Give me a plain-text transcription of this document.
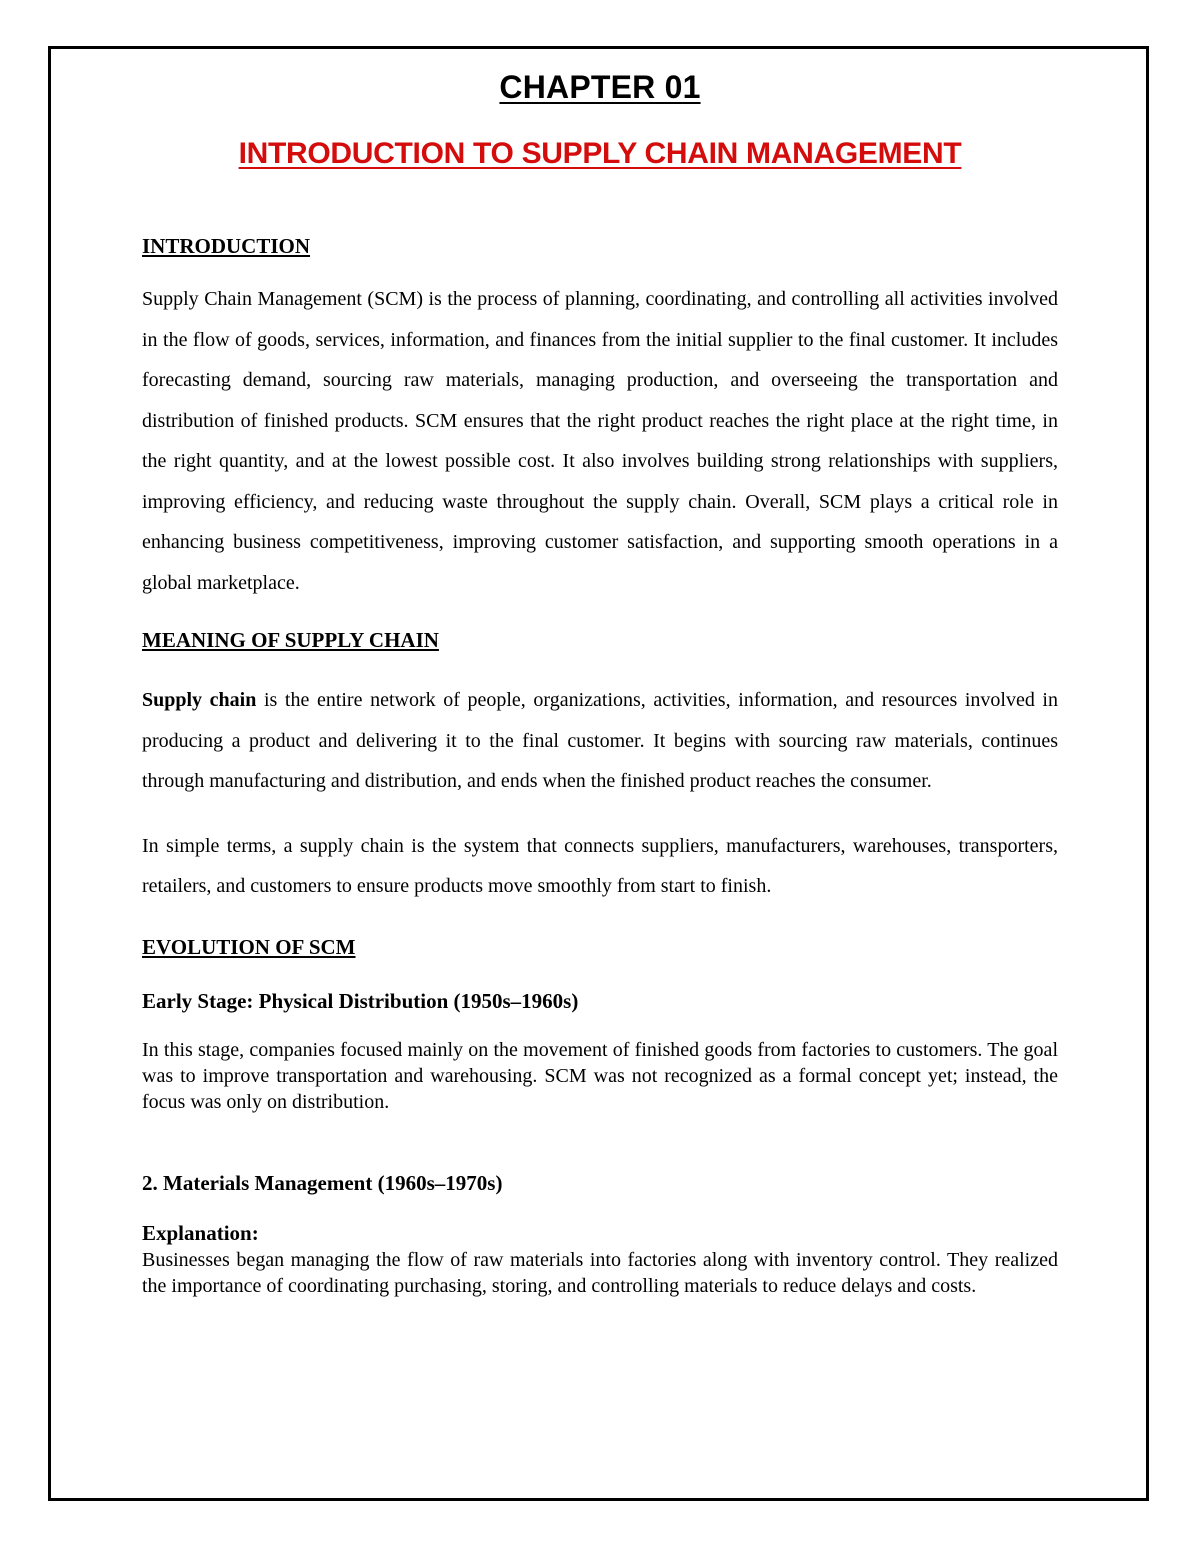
CHAPTER 01
INTRODUCTION TO SUPPLY CHAIN MANAGEMENT
INTRODUCTION

Supply Chain Management (SCM) is the process of planning, coordinating, and controlling all activities involved in the flow of goods, services, information, and finances from the initial supplier to the final customer. It includes forecasting demand, sourcing raw materials, managing production, and overseeing the transportation and distribution of finished products. SCM ensures that the right product reaches the right place at the right time, in the right quantity, and at the lowest possible cost. It also involves building strong relationships with suppliers, improving efficiency, and reducing waste throughout the supply chain. Overall, SCM plays a critical role in enhancing business competitiveness, improving customer satisfaction, and supporting smooth operations in a global marketplace.

MEANING OF SUPPLY CHAIN

Supply chain is the entire network of people, organizations, activities, information, and resources involved in producing a product and delivering it to the final customer. It begins with sourcing raw materials, continues through manufacturing and distribution, and ends when the finished product reaches the consumer.

In simple terms, a supply chain is the system that connects suppliers, manufacturers, warehouses, transporters, retailers, and customers to ensure products move smoothly from start to finish.

EVOLUTION OF SCM
Early Stage: Physical Distribution (1950s–1960s)

In this stage, companies focused mainly on the movement of finished goods from factories to customers. The goal was to improve transportation and warehousing. SCM was not recognized as a formal concept yet; instead, the focus was only on distribution.

2. Materials Management (1960s–1970s)
Explanation:

Businesses began managing the flow of raw materials into factories along with inventory control. They realized the importance of coordinating purchasing, storing, and controlling materials to reduce delays and costs.
